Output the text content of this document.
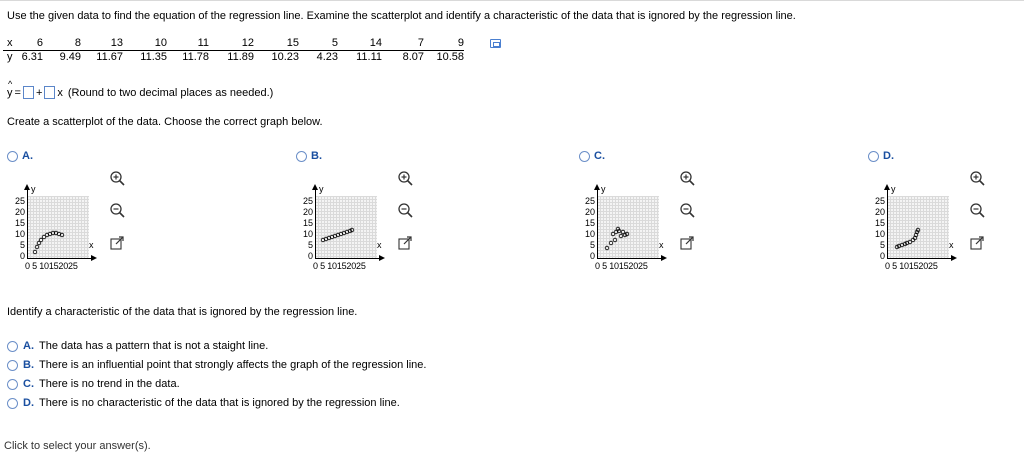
Use the given data to find the equation of the regression line. Examine the scatterplot and identify a characteristic of the data that is ignored by the regression line.
x	6	8	13	10	11	12	15	5	14	7	9
y	6.31	9.49	11.67	11.35	11.78	11.89	10.23	4.23	11.11	8.07	10.58
^ y = + x (Round to two decimal places as needed.)
Create a scatterplot of the data. Choose the correct graph below.
A.	B.	C.	D.
y
x
25
20
15
10
5
0
0 5 10152025
y
x
25
20
15
10
5
0
0 5 10152025
y
x
25
20
15
10
5
0
0 5 10152025
y
x
25
20
15
10
5
0
0 5 10152025
Identify a characteristic of the data that is ignored by the regression line.
A. The data has a pattern that is not a staight line.
B. There is an influential point that strongly affects the graph of the regression line.
C. There is no trend in the data.
D. There is no characteristic of the data that is ignored by the regression line.
Click to select your answer(s).
